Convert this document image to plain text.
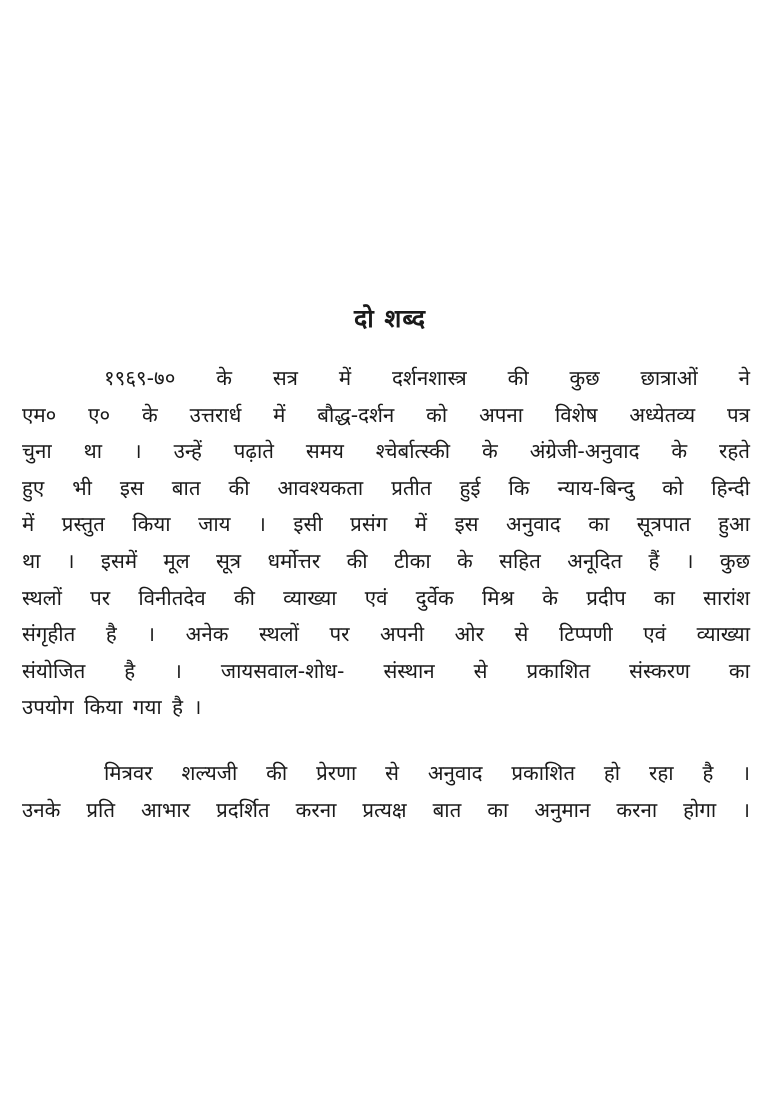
दो शब्द
१९६९-७० के सत्र में दर्शनशास्त्र की कुछ छात्राओं ने
एम० ए० के उत्तरार्ध में बौद्ध-दर्शन को अपना विशेष अध्येतव्य पत्र
चुना था । उन्हें पढ़ाते समय श्चेर्बात्स्की के अंग्रेजी-अनुवाद के रहते
हुए भी इस बात की आवश्यकता प्रतीत हुई कि न्याय-बिन्दु को हिन्दी
में प्रस्तुत किया जाय । इसी प्रसंग में इस अनुवाद का सूत्रपात हुआ
था । इसमें मूल सूत्र धर्मोत्तर की टीका के सहित अनूदित हैं । कुछ
स्थलों पर विनीतदेव की व्याख्या एवं दुर्वेक मिश्र के प्रदीप का सारांश
संगृहीत है । अनेक स्थलों पर अपनी ओर से टिप्पणी एवं व्याख्या
संयोजित है । जायसवाल-शोध- संस्थान से प्रकाशित संस्करण का
उपयोग किया गया है ।
मित्रवर शल्यजी की प्रेरणा से अनुवाद प्रकाशित हो रहा है ।
उनके प्रति आभार प्रदर्शित करना प्रत्यक्ष बात का अनुमान करना होगा ।
